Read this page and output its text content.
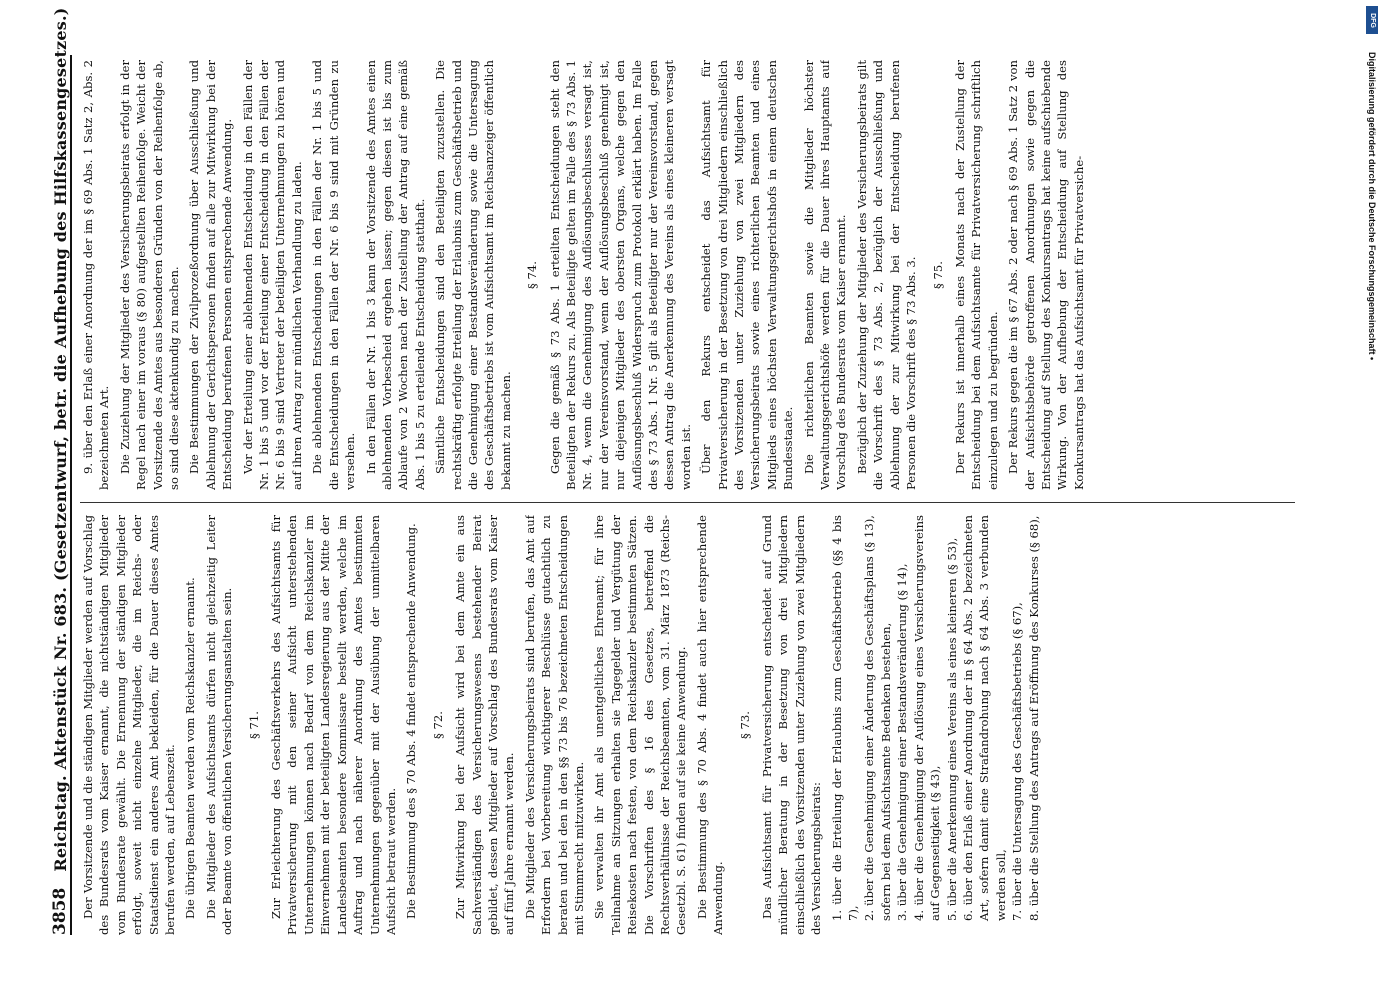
3858
Reichstag. Aktenstück Nr. 683. (Gesetzentwurf, betr. die Aufhebung des Hilfskassengesetzes.) Der Vorsitzende und die ständigen Mitglieder werden auf Vorschlag des Bundesrats vom Kaiser ernannt, die nichtständigen Mitglieder vom Bundesrate gewählt. Die Ernennung der ständigen Mitglieder erfolgt, soweit nicht einzelne Mitglieder, die im Reichs- oder Staatsdienst ein anderes Amt bekleiden, für die Dauer dieses Amtes berufen werden, auf Lebenszeit. Die übrigen Beamten werden vom Reichskanzler ernannt. Die Mitglieder des Aufsichtsamts dürfen nicht gleichzeitig Leiter oder Beamte von öffentlichen Versicherungsanstalten sein. § 71. Zur Erleichterung des Geschäftsverkehrs des Aufsichtsamts für Privatversicherung mit den seiner Aufsicht unterstehenden Unternehmungen können nach Bedarf von dem Reichskanzler im Einvernehmen mit der beteiligten Landesregierung aus der Mitte der Landesbeamten besondere Kommissare bestellt werden, welche im Auftrag und nach näherer Anordnung des Amtes bestimmten Unternehmungen gegenüber mit der Ausübung der unmittelbaren Aufsicht betraut werden. Die Bestimmung des § 70 Abs. 4 findet entsprechende Anwendung. § 72. Zur Mitwirkung bei der Aufsicht wird bei dem Amte ein aus Sachverständigen des Versicherungswesens bestehender Beirat gebildet, dessen Mitglieder auf Vorschlag des Bundesrats vom Kaiser auf fünf Jahre ernannt werden. Die Mitglieder des Versicherungsbeirats sind berufen, das Amt auf Erfordern bei Vorbereitung wichtigerer Beschlüsse gutachtlich zu beraten und bei den in den §§ 73 bis 76 bezeichneten Entscheidungen mit Stimmrecht mitzuwirken. Sie verwalten ihr Amt als unentgeltliches Ehrenamt; für ihre Teilnahme an Sitzungen erhalten sie Tagegelder und Vergütung der Reisekosten nach festen, von dem Reichskanzler bestimmten Sätzen. Die Vorschriften des § 16 des Gesetzes, betreffend die Rechtsverhältnisse der Reichsbeamten, vom 31. März 1873 (Reichs-Gesetzbl. S. 61) finden auf sie keine Anwendung. Die Bestimmung des § 70 Abs. 4 findet auch hier entsprechende Anwendung.

§ 73. Das Aufsichtsamt für Privatversicherung entscheidet auf Grund mündlicher Beratung in der Besetzung von drei Mitgliedern einschließlich des Vorsitzenden unter Zuziehung von zwei Mitgliedern des Versicherungsbeirats: 1. über die Erteilung der Erlaubnis zum Geschäftsbetrieb (§§ 4 bis 7), 2. über die Genehmigung einer Änderung des Geschäftsplans (§ 13), sofern bei dem Aufsichtsamte Bedenken bestehen, 3. über die Genehmigung einer Bestandsveränderung (§ 14), 4. über die Genehmigung der Auflösung eines Versicherungsvereins auf Gegenseitigkeit (§ 43), 5. über die Anerkennung eines Vereins als eines kleineren (§ 53), 6. über den Erlaß einer Anordnung der in § 64 Abs. 2 bezeichneten Art, sofern damit eine Strafandrohung nach § 64 Abs. 3 verbunden werden soll, 7. über die Untersagung des Geschäftsbetriebs (§ 67), 8. über die Stellung des Antrags auf Eröffnung des Konkurses (§ 68),

9. über den Erlaß einer Anordnung der im § 69 Abs. 1 Satz 2, Abs. 2 bezeichneten Art. Die Zuziehung der Mitglieder des Versicherungsbeirats erfolgt in der Regel nach einer im voraus (§ 80) aufgestellten Reihenfolge. Weicht der Vorsitzende des Amtes aus besonderen Gründen von der Reihenfolge ab, so sind diese aktenkundig zu machen. Die Bestimmungen der Zivilprozeßordnung über Ausschließung und Ablehnung der Gerichtspersonen finden auf alle zur Mitwirkung bei der Entscheidung berufenen Personen entsprechende Anwendung. Vor der Erteilung einer ablehnenden Entscheidung in den Fällen der Nr. 1 bis 5 und vor der Erteilung einer Entscheidung in den Fällen der Nr. 6 bis 9 sind Vertreter der beteiligten Unternehmungen zu hören und auf ihren Antrag zur mündlichen Verhandlung zu laden. Die ablehnenden Entscheidungen in den Fällen der Nr. 1 bis 5 und die Entscheidungen in den Fällen der Nr. 6 bis 9 sind mit Gründen zu versehen. In den Fällen der Nr. 1 bis 3 kann der Vorsitzende des Amtes einen ablehnenden Vorbescheid ergehen lassen; gegen diesen ist bis zum Ablaufe von 2 Wochen nach der Zustellung der Antrag auf eine gemäß Abs. 1 bis 5 zu erteilende Entscheidung statthaft. Sämtliche Entscheidungen sind den Beteiligten zuzustellen. Die rechtskräftig erfolgte Erteilung der Erlaubnis zum Geschäftsbetrieb und die Genehmigung einer Bestandsveränderung sowie die Untersagung des Geschäftsbetriebs ist vom Aufsichtsamt im Reichsanzeiger öffentlich bekannt zu machen.

§ 74. Gegen die gemäß § 73 Abs. 1 erteilten Entscheidungen steht den Beteiligten der Rekurs zu. Als Beteiligte gelten im Falle des § 73 Abs. 1 Nr. 4, wenn die Genehmigung des Auflösungsbeschlusses versagt ist, nur der Vereinsvorstand, wenn der Auflösungsbeschluß genehmigt ist, nur diejenigen Mitglieder des obersten Organs, welche gegen den Auflösungsbeschluß Widerspruch zum Protokoll erklärt haben. Im Falle des § 73 Abs. 1 Nr. 5 gilt als Beteiligter nur der Vereinsvorstand, gegen dessen Antrag die Anerkennung des Vereins als eines kleineren versagt worden ist. Über den Rekurs entscheidet das Aufsichtsamt für Privatversicherung in der Besetzung von drei Mitgliedern einschließlich des Vorsitzenden unter Zuziehung von zwei Mitgliedern des Versicherungsbeirats sowie eines richterlichen Beamten und eines Mitglieds eines höchsten Verwaltungsgerichtshofs in einem deutschen Bundesstaate. Die richterlichen Beamten sowie die Mitglieder höchster Verwaltungsgerichtshöfe werden für die Dauer ihres Hauptamts auf Vorschlag des Bundesrats vom Kaiser ernannt. Bezüglich der Zuziehung der Mitglieder des Versicherungsbeirats gilt die Vorschrift des § 73 Abs. 2, bezüglich der Ausschließung und Ablehnung der zur Mitwirkung bei der Entscheidung berufenen Personen die Vorschrift des § 73 Abs. 3. § 75. Der Rekurs ist innerhalb eines Monats nach der Zustellung der Entscheidung bei dem Aufsichtsamte für Privatversicherung schriftlich einzulegen und zu begründen. Der Rekurs gegen die im § 67 Abs. 2 oder nach § 69 Abs. 1 Satz 2 von der Aufsichtsbehörde getroffenen Anordnungen sowie gegen die Entscheidung auf Stellung des Konkursantrags hat keine aufschiebende Wirkung. Von der Aufhebung der Entscheidung auf Stellung des Konkursantrags hat das Aufsichtsamt für Privatversiche-

DFG
Digitalisierung gefördert durch die Deutsche Forschungsgemeinschaft •
